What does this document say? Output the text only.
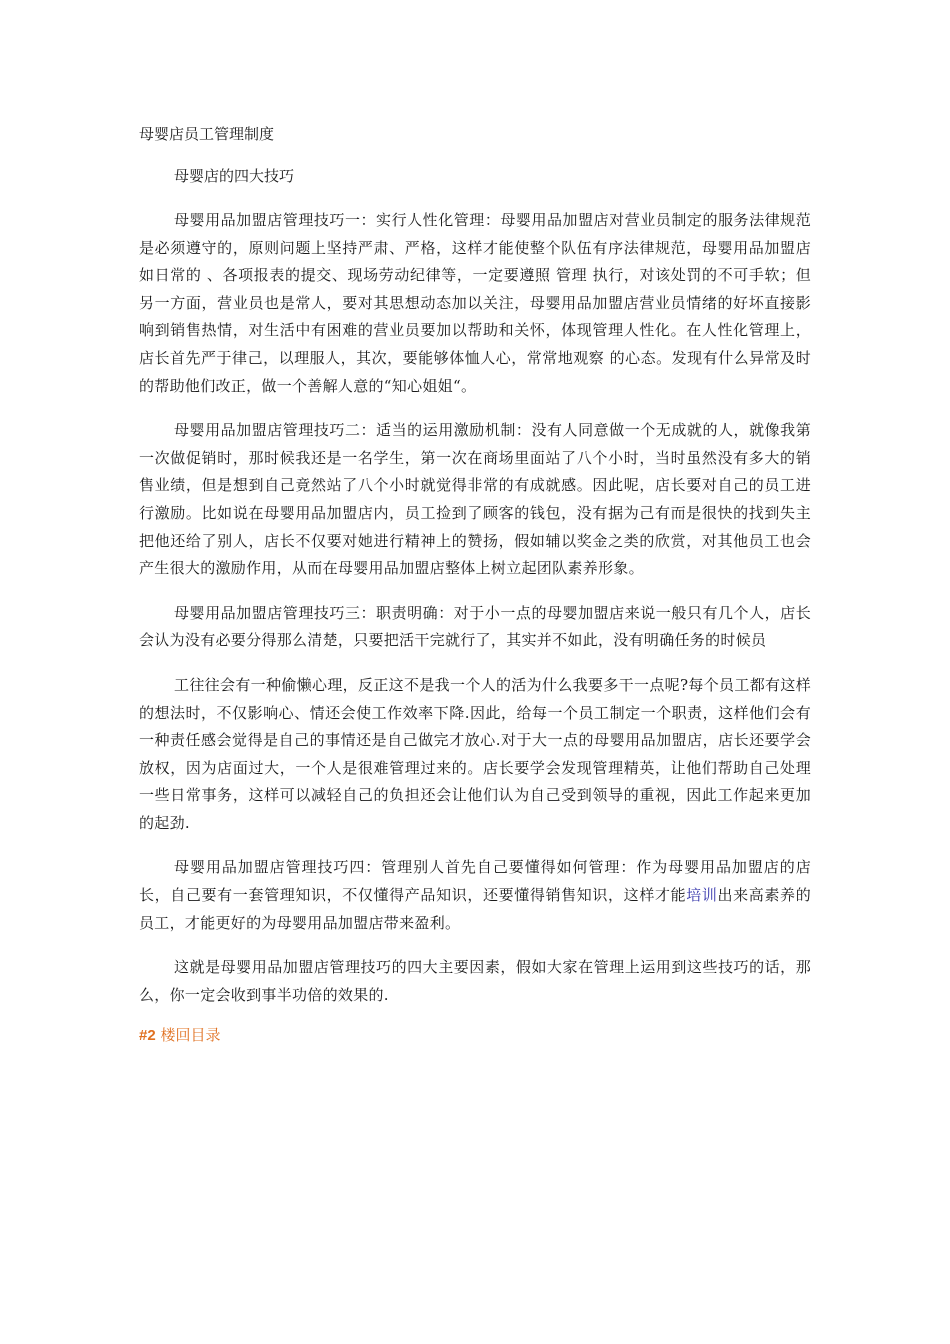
母婴店员工管理制度
母婴店的四大技巧

母婴用品加盟店管理技巧一：实行人性化管理：母婴用品加盟店对营业员制定的服务法律规范是必须遵守的，原则问题上坚持严肃、严格，这样才能使整个队伍有序法律规范，母婴用品加盟店如日常的 、各项报表的提交、现场劳动纪律等，一定要遵照 管理 执行，对该处罚的不可手软；但另一方面，营业员也是常人，要对其思想动态加以关注，母婴用品加盟店营业员情绪的好坏直接影响到销售热情，对生活中有困难的营业员要加以帮助和关怀，体现管理人性化。在人性化管理上，店长首先严于律己，以理服人，其次，要能够体恤人心，常常地观察 的心态。发现有什么异常及时的帮助他们改正，做一个善解人意的“知心姐姐“。

母婴用品加盟店管理技巧二：适当的运用激励机制：没有人同意做一个无成就的人，就像我第一次做促销时，那时候我还是一名学生，第一次在商场里面站了八个小时，当时虽然没有多大的销售业绩，但是想到自己竟然站了八个小时就觉得非常的有成就感。因此呢，店长要对自己的员工进行激励。比如说在母婴用品加盟店内，员工捡到了顾客的钱包，没有据为己有而是很快的找到失主把他还给了别人，店长不仅要对她进行精神上的赞扬，假如辅以奖金之类的欣赏，对其他员工也会产生很大的激励作用，从而在母婴用品加盟店整体上树立起团队素养形象。

母婴用品加盟店管理技巧三：职责明确：对于小一点的母婴加盟店来说一般只有几个人，店长会认为没有必要分得那么清楚，只要把活干完就行了，其实并不如此，没有明确任务的时候员

工往往会有一种偷懒心理，反正这不是我一个人的活为什么我要多干一点呢?每个员工都有这样的想法时，不仅影响心、情还会使工作效率下降.因此，给每一个员工制定一个职责，这样他们会有一种责任感会觉得是自己的事情还是自己做完才放心.对于大一点的母婴用品加盟店，店长还要学会放权，因为店面过大，一个人是很难管理过来的。店长要学会发现管理精英，让他们帮助自己处理一些日常事务，这样可以减轻自己的负担还会让他们认为自己受到领导的重视，因此工作起来更加的起劲.

母婴用品加盟店管理技巧四：管理别人首先自己要懂得如何管理：作为母婴用品加盟店的店长，自己要有一套管理知识，不仅懂得产品知识，还要懂得销售知识，这样才能培训出来高素养的员工，才能更好的为母婴用品加盟店带来盈利。

这就是母婴用品加盟店管理技巧的四大主要因素，假如大家在管理上运用到这些技巧的话，那么，你一定会收到事半功倍的效果的.

#2 楼回目录
